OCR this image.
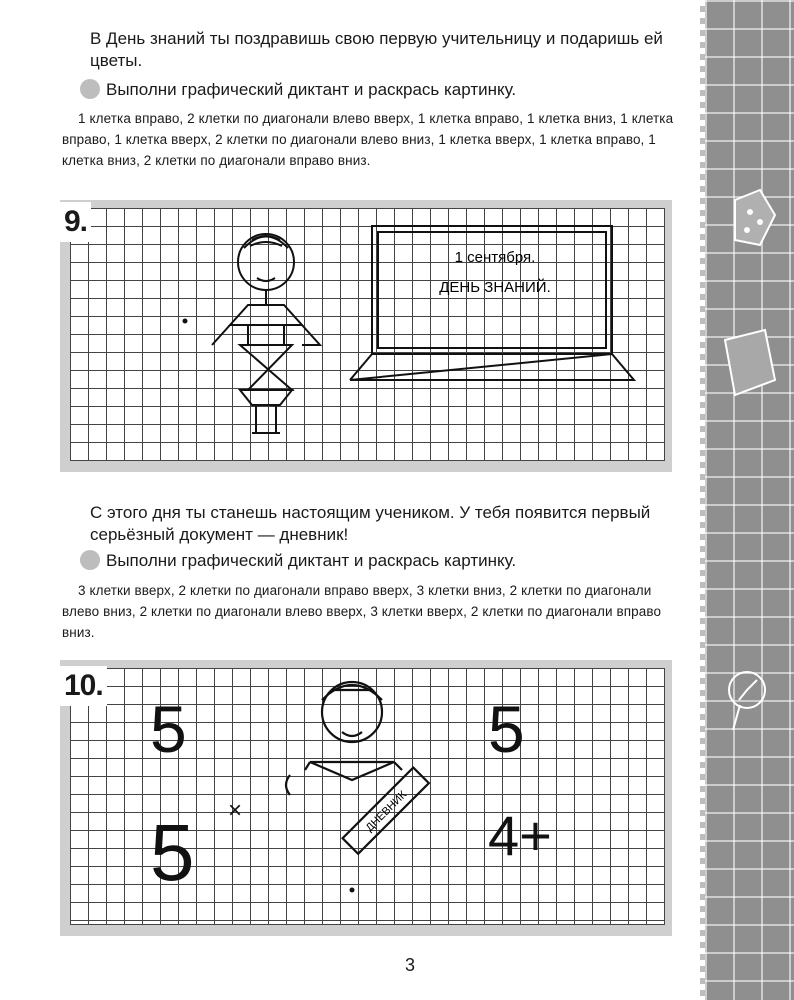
В День знаний ты поздравишь свою первую учительницу и подаришь ей цветы.

Выполни графический диктант и раскрась картинку.

1 клетка вправо, 2 клетки по диагонали влево вверх, 1 клетка вправо, 1 клетка вниз, 1 клетка вправо, 1 клетка вверх, 2 клетки по диагонали влево вниз, 1 клетка вверх, 1 клетка вправо, 1 клетка вниз, 2 клетки по диагонали вправо вниз.

9.
1 сентября.
ДЕНЬ ЗНАНИЙ.

С этого дня ты станешь настоящим учеником. У тебя появится первый серьёзный документ — дневник!

Выполни графический диктант и раскрась картинку.

3 клетки вверх, 2 клетки по диагонали вправо вверх, 3 клетки вниз, 2 клетки по диагонали влево вниз, 2 клетки по диагонали влево вверх, 3 клетки вверх, 2 клетки по диагонали вправо вниз.

10.
ДНЕВНИК
5	5
5 ×	4+
3
